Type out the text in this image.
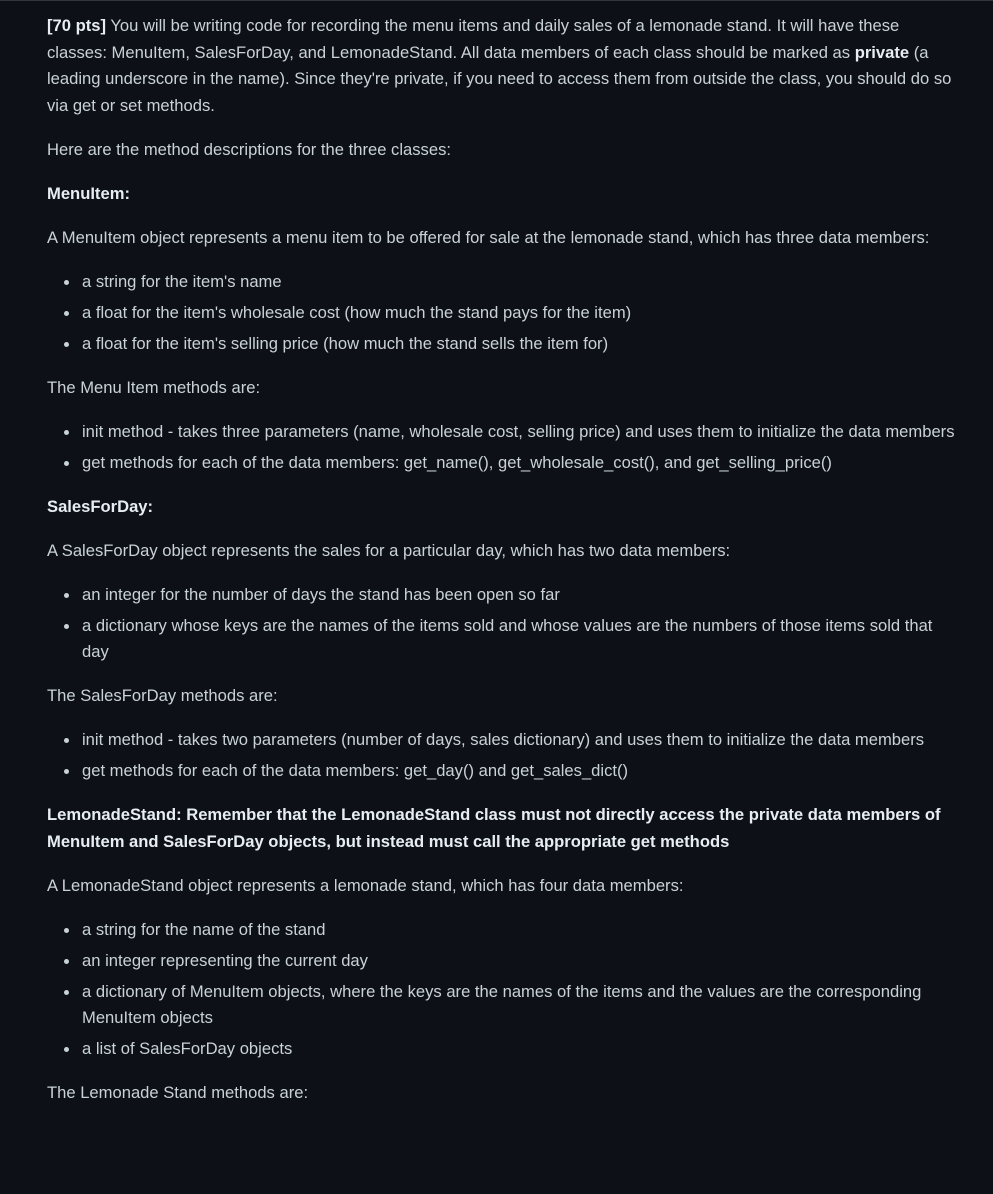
[70 pts] You will be writing code for recording the menu items and daily sales of a lemonade stand. It will have these classes: MenuItem, SalesForDay, and LemonadeStand. All data members of each class should be marked as private (a leading underscore in the name). Since they're private, if you need to access them from outside the class, you should do so via get or set methods.

Here are the method descriptions for the three classes:

MenuItem:

A MenuItem object represents a menu item to be offered for sale at the lemonade stand, which has three data members:

a string for the item's name
a float for the item's wholesale cost (how much the stand pays for the item)
a float for the item's selling price (how much the stand sells the item for)

The Menu Item methods are:

init method - takes three parameters (name, wholesale cost, selling price) and uses them to initialize the data members
get methods for each of the data members: get_name(), get_wholesale_cost(), and get_selling_price()
SalesForDay:

A SalesForDay object represents the sales for a particular day, which has two data members:

an integer for the number of days the stand has been open so far
a dictionary whose keys are the names of the items sold and whose values are the numbers of those items sold that day

The SalesForDay methods are:

init method - takes two parameters (number of days, sales dictionary) and uses them to initialize the data members
get methods for each of the data members: get_day() and get_sales_dict()
LemonadeStand: Remember that the LemonadeStand class must not directly access the private data members of MenuItem and SalesForDay objects, but instead must call the appropriate get methods

A LemonadeStand object represents a lemonade stand, which has four data members:

a string for the name of the stand
an integer representing the current day
a dictionary of MenuItem objects, where the keys are the names of the items and the values are the corresponding MenuItem objects
a list of SalesForDay objects

The Lemonade Stand methods are:
